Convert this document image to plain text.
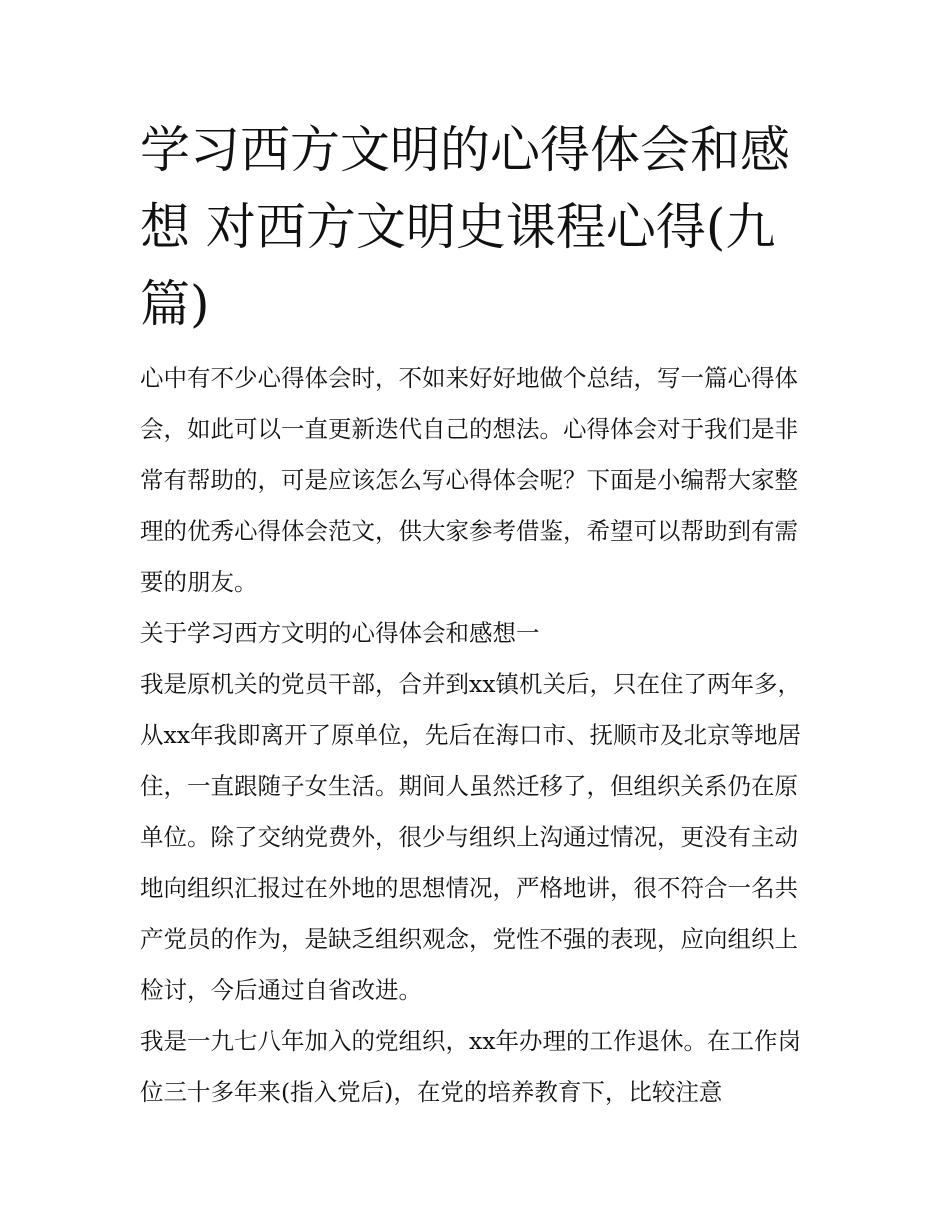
学习西方文明的心得体会和感想 对西方文明史课程心得(九篇)

心中有不少心得体会时，不如来好好地做个总结，写一篇心得体会，如此可以一直更新迭代自己的想法。心得体会对于我们是非常有帮助的，可是应该怎么写心得体会呢？下面是小编帮大家整理的优秀心得体会范文，供大家参考借鉴，希望可以帮助到有需要的朋友。

关于学习西方文明的心得体会和感想一

我是原机关的党员干部，合并到xx镇机关后，只在住了两年多，从xx年我即离开了原单位，先后在海口市、抚顺市及北京等地居住，一直跟随子女生活。期间人虽然迁移了，但组织关系仍在原单位。除了交纳党费外，很少与组织上沟通过情况，更没有主动地向组织汇报过在外地的思想情况，严格地讲，很不符合一名共产党员的作为，是缺乏组织观念，党性不强的表现，应向组织上检讨，今后通过自省改进。

我是一九七八年加入的党组织，xx年办理的工作退休。在工作岗位三十多年来(指入党后)，在党的培养教育下，比较注意
